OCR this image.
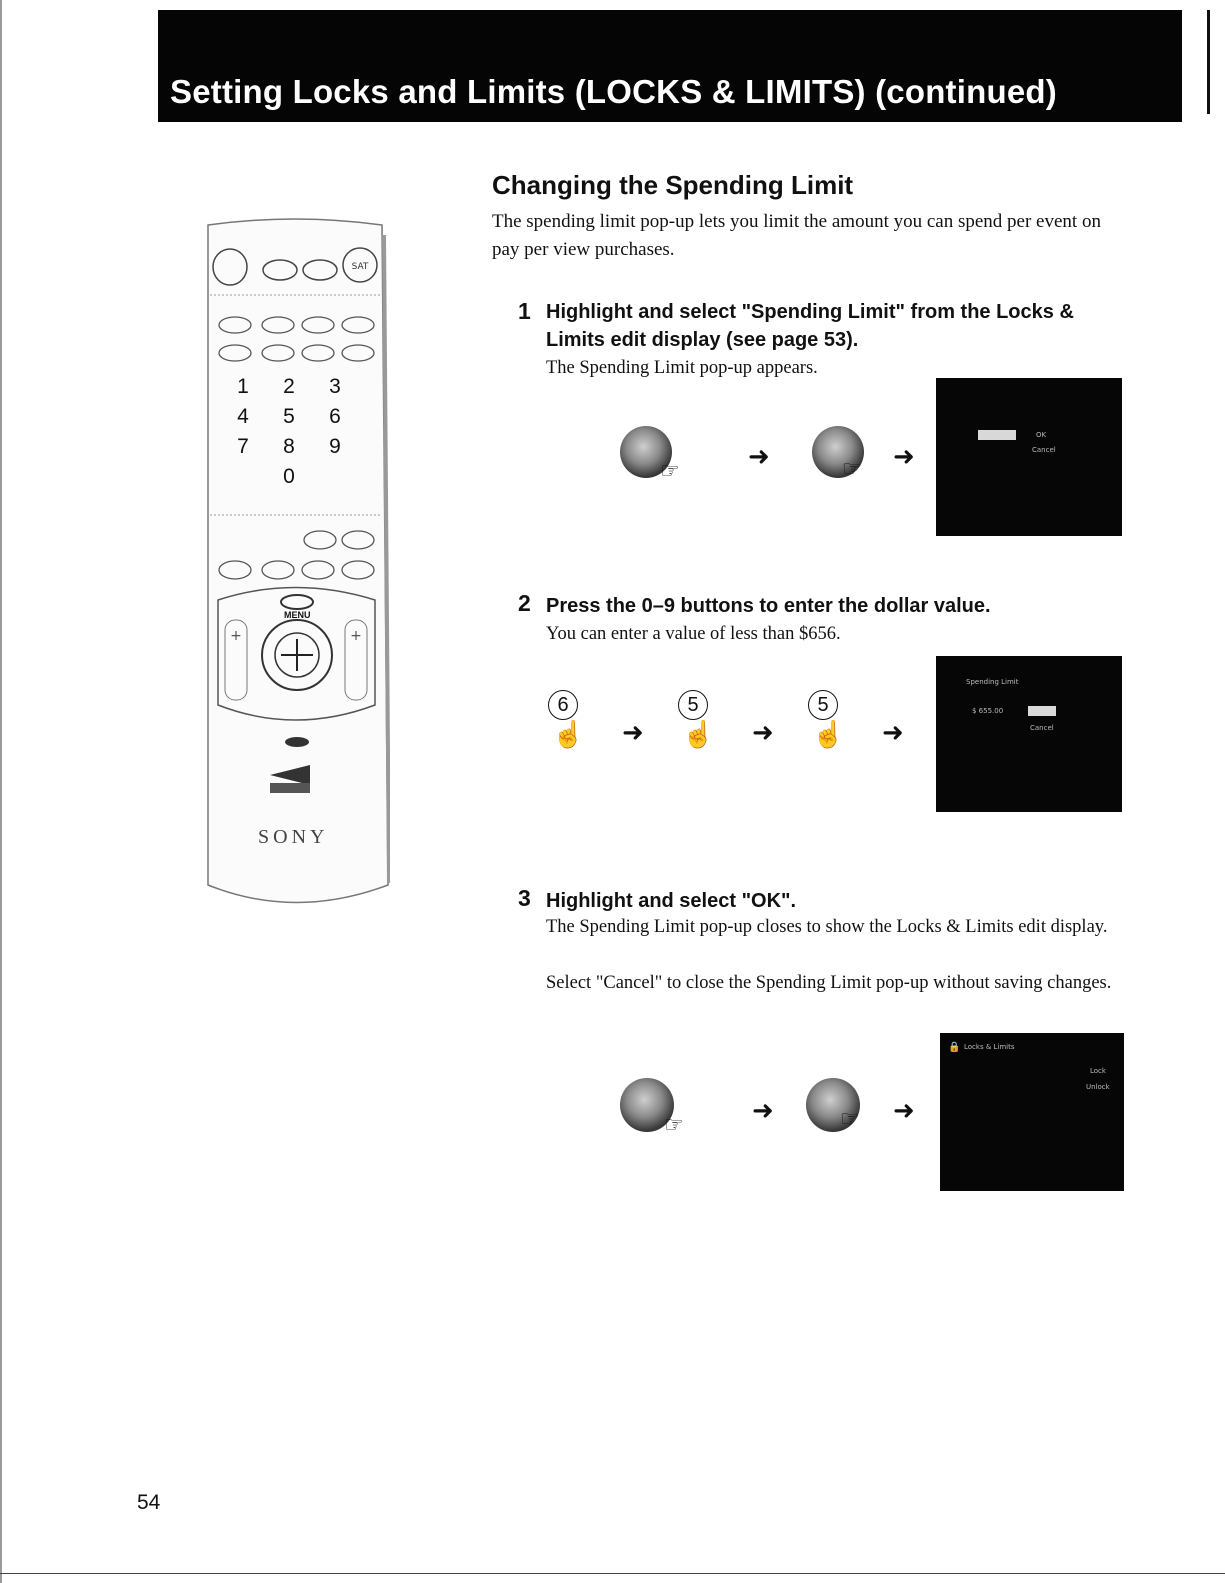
Setting Locks and Limits (LOCKS & LIMITS) (continued)
SAT
+	+
1	2	3
4	5	6
7	8	9
0
MENU
SONY
Changing the Spending Limit
The spending limit pop-up lets you limit the amount you can spend per event on pay per view purchases.
1 Highlight and select "Spending Limit" from the Locks & Limits edit display (see page 53).
The Spending Limit pop-up appears.
☞	➜	☞ ➜
OK
Cancel
2 Press the 0–9 buttons to enter the dollar value.
You can enter a value of less than $656.
6
☝ ➜
5
☝ ➜
5
☝ ➜
Spending Limit
$ 655.00
Cancel
3 Highlight and select "OK".
The Spending Limit pop-up closes to show the Locks & Limits edit display.
Select "Cancel" to close the Spending Limit pop-up without saving changes.
☞	➜	☞ ➜
🔒 Locks & Limits
Lock
Unlock
54
